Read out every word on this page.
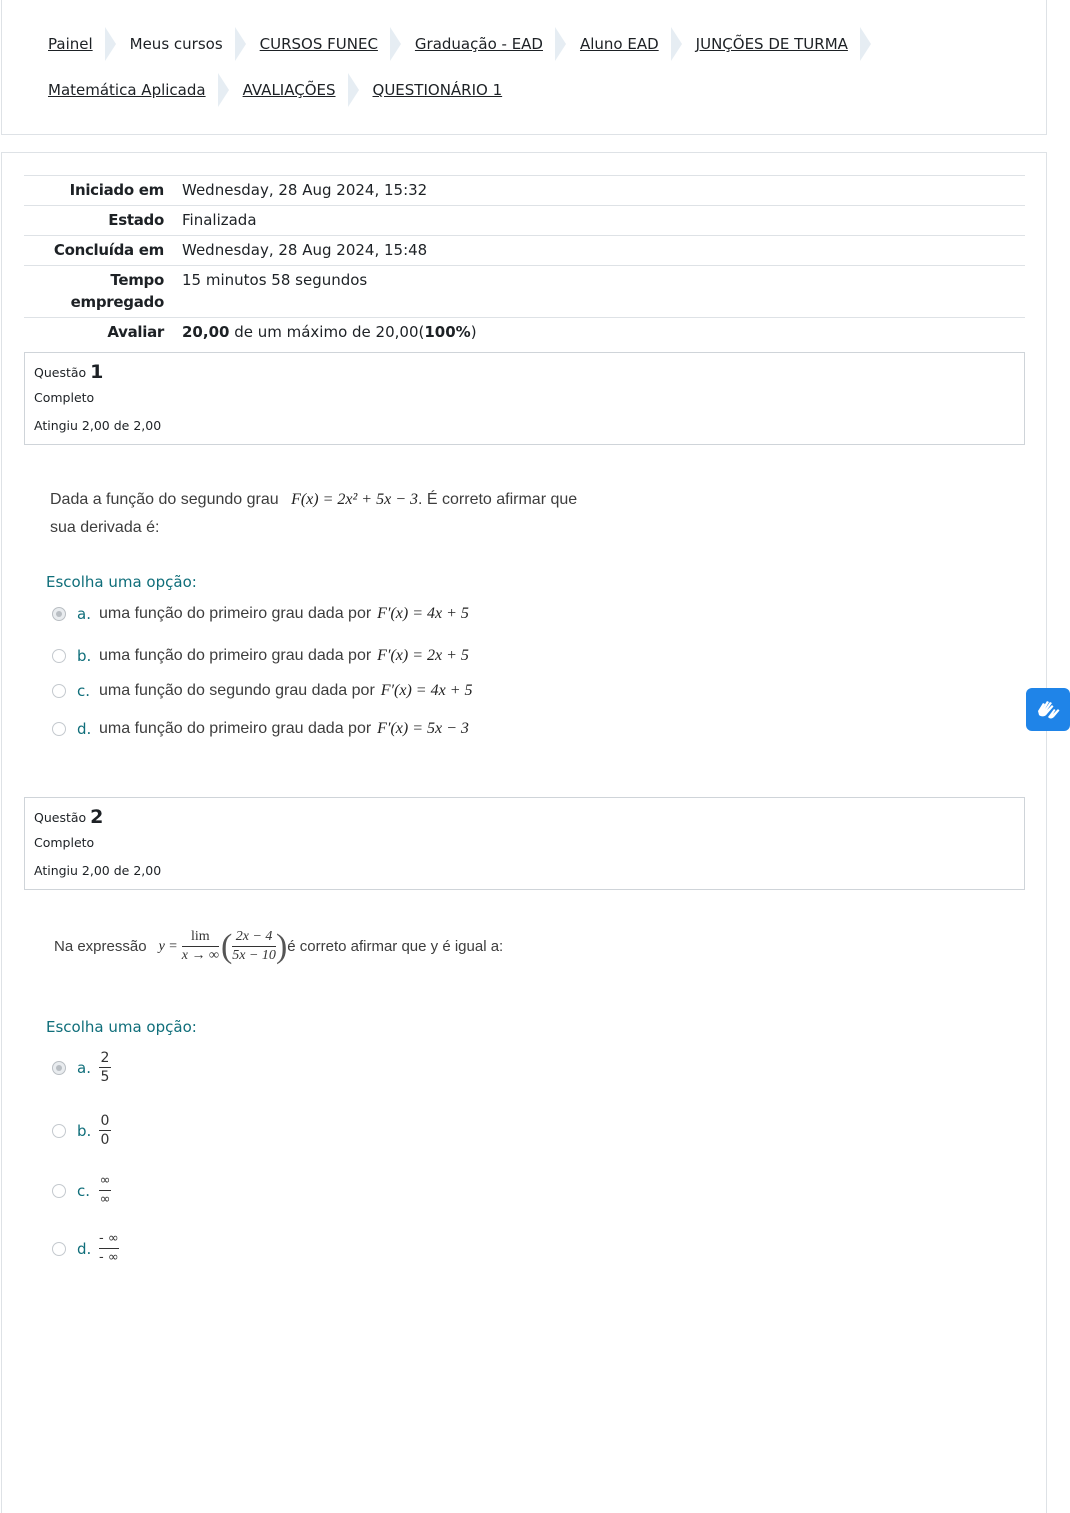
Painel Meus cursos CURSOS FUNEC Graduação - EAD Aluno EAD JUNÇÕES DE TURMA
Matemática Aplicada AVALIAÇÕES QUESTIONÁRIO 1
Iniciado em	Wednesday, 28 Aug 2024, 15:32
Estado	Finalizada
Concluída em	Wednesday, 28 Aug 2024, 15:48
Tempo empregado	15 minutos 58 segundos
Avaliar	20,00 de um máximo de 20,00(100%)
Questão 1
Completo
Atingiu 2,00 de 2,00
Dada a função do segundo grau F(x) = 2x² + 5x − 3. É correto afirmar que
sua derivada é:
Escolha uma opção:
a. uma função do primeiro grau dada por F′(x) = 4x + 5
b. uma função do primeiro grau dada por F′(x) = 2x + 5
c. uma função do segundo grau dada por F′(x) = 4x + 5
d. uma função do primeiro grau dada por F′(x) = 5x − 3
Questão 2
Completo
Atingiu 2,00 de 2,00
Na expressão $y = \frac{\lim}{x \to \infty}$ ( $\frac{2x - 4}{5x - 10}$ ) é correto afirmar que y é igual a:
Escolha uma opção:
a. $\frac{2}{5}$
b. $\frac{0}{0}$
c. $\frac{\infty}{\infty}$
d. $\frac{- \infty}{- \infty}$
